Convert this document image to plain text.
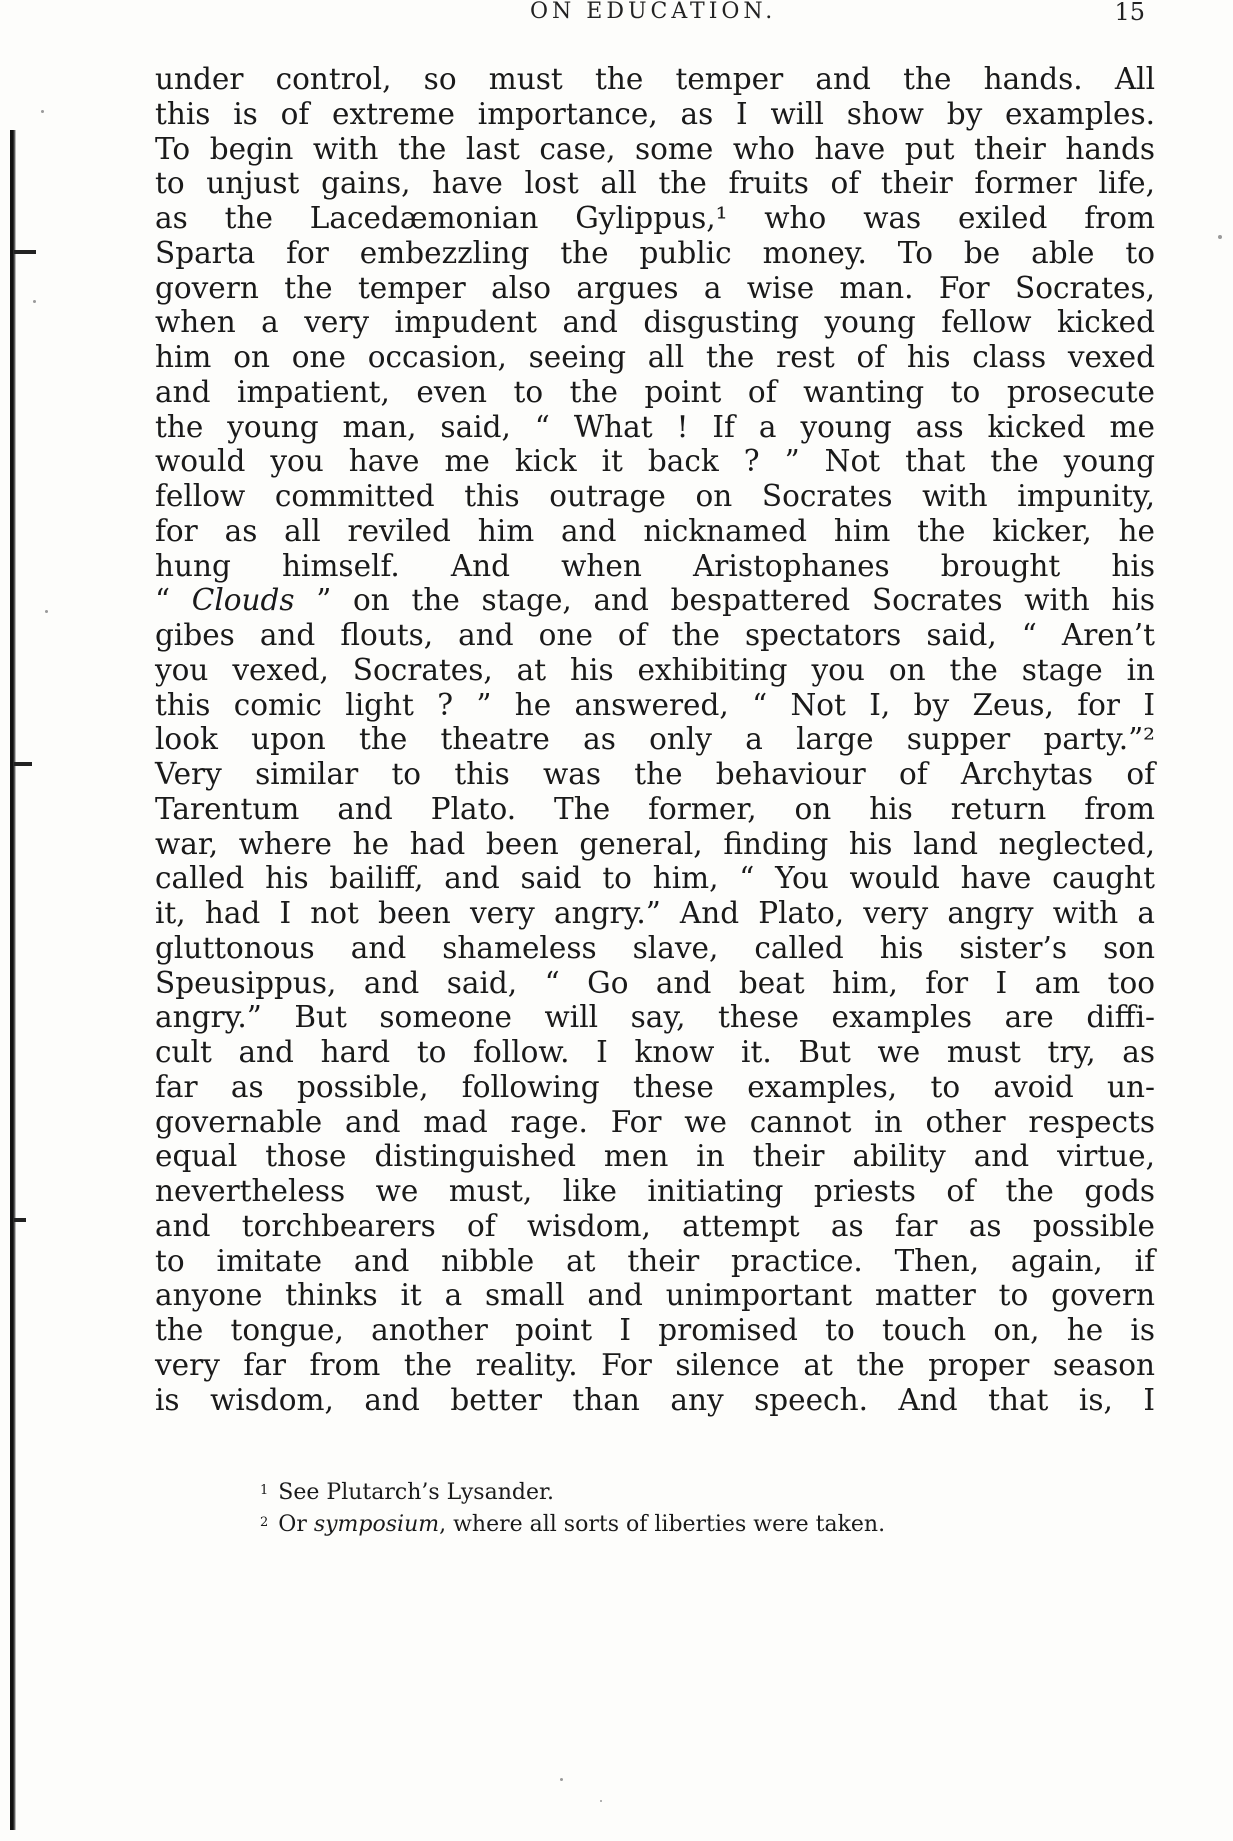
ON EDUCATION.	15
under control, so must the temper and the hands. All
this is of extreme importance, as I will show by examples.
To begin with the last case, some who have put their hands
to unjust gains, have lost all the fruits of their former life,
as the Lacedæmonian Gylippus,¹ who was exiled from
Sparta for embezzling the public money. To be able to
govern the temper also argues a wise man. For Socrates,
when a very impudent and disgusting young fellow kicked
him on one occasion, seeing all the rest of his class vexed
and impatient, even to the point of wanting to prosecute
the young man, said, “ What ! If a young ass kicked me
would you have me kick it back ? ” Not that the young
fellow committed this outrage on Socrates with impunity,
for as all reviled him and nicknamed him the kicker, he
hung himself. And when Aristophanes brought his
“ Clouds ” on the stage, and bespattered Socrates with his
gibes and flouts, and one of the spectators said, “ Aren’t
you vexed, Socrates, at his exhibiting you on the stage in
this comic light ? ” he answered, “ Not I, by Zeus, for I
look upon the theatre as only a large supper party.”²
Very similar to this was the behaviour of Archytas of
Tarentum and Plato. The former, on his return from
war, where he had been general, finding his land neglected,
called his bailiff, and said to him, “ You would have caught
it, had I not been very angry.” And Plato, very angry with a
gluttonous and shameless slave, called his sister’s son
Speusippus, and said, “ Go and beat him, for I am too
angry.” But someone will say, these examples are diffi-
cult and hard to follow. I know it. But we must try, as
far as possible, following these examples, to avoid un-
governable and mad rage. For we cannot in other respects
equal those distinguished men in their ability and virtue,
nevertheless we must, like initiating priests of the gods
and torchbearers of wisdom, attempt as far as possible
to imitate and nibble at their practice. Then, again, if
anyone thinks it a small and unimportant matter to govern
the tongue, another point I promised to touch on, he is
very far from the reality. For silence at the proper season
is wisdom, and better than any speech. And that is, I
$^1$ See Plutarch’s Lysander.
$^2$ Or symposium, where all sorts of liberties were taken.
